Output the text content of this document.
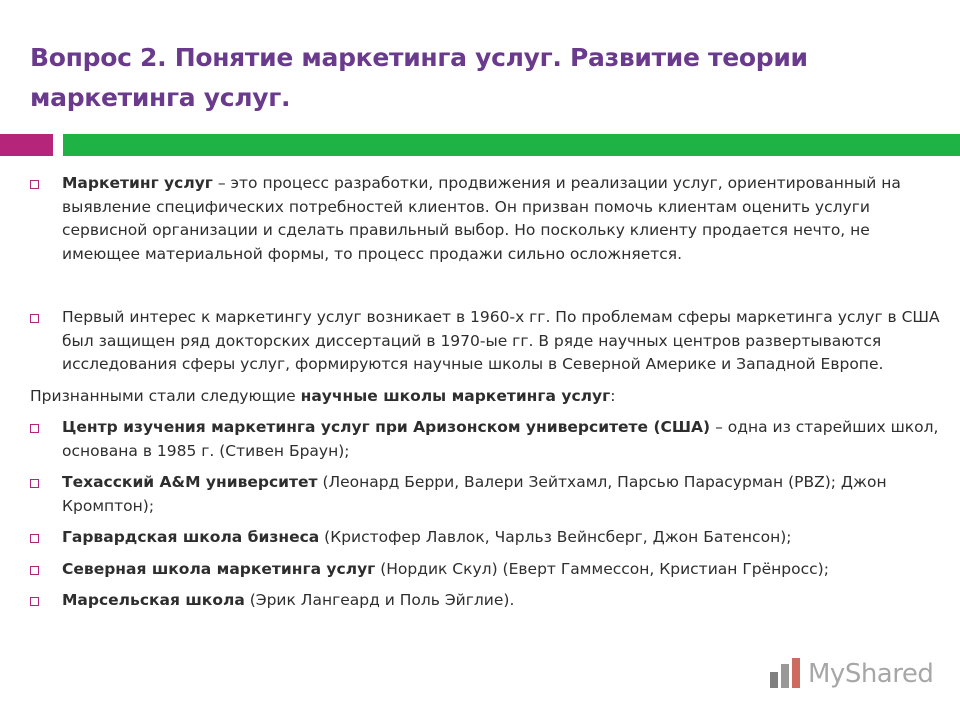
Вопрос 2. Понятие маркетинга услуг. Развитие теории маркетинга услуг.

Маркетинг услуг – это процесс разработки, продвижения и реализации услуг, ориентированный на выявление специфических потребностей клиентов. Он призван помочь клиентам оценить услуги сервисной организации и сделать правильный выбор. Но поскольку клиенту продается нечто, не имеющее материальной формы, то процесс продажи сильно осложняется.

Первый интерес к маркетингу услуг возникает в 1960-х гг. По проблемам сферы маркетинга услуг в США был защищен ряд докторских диссертаций в 1970-ые гг. В ряде научных центров развертываются исследования сферы услуг, формируются научные школы в Северной Америке и Западной Европе.

Признанными стали следующие научные школы маркетинга услуг:

Центр изучения маркетинга услуг при Аризонском университете (США) – одна из старейших школ, основана в 1985 г. (Стивен Браун);

Техасский A&M университет (Леонард Берри, Валери Зейтхамл, Парсью Парасурман (PBZ); Джон Кромптон);

Гарвардская школа бизнеса (Кристофер Лавлок, Чарльз Вейнсберг, Джон Батенсон);

Северная школа маркетинга услуг (Нордик Скул) (Еверт Гаммессон, Кристиан Грёнросс);

Марсельская школа (Эрик Лангеард и Поль Эйглие).

MyShared
